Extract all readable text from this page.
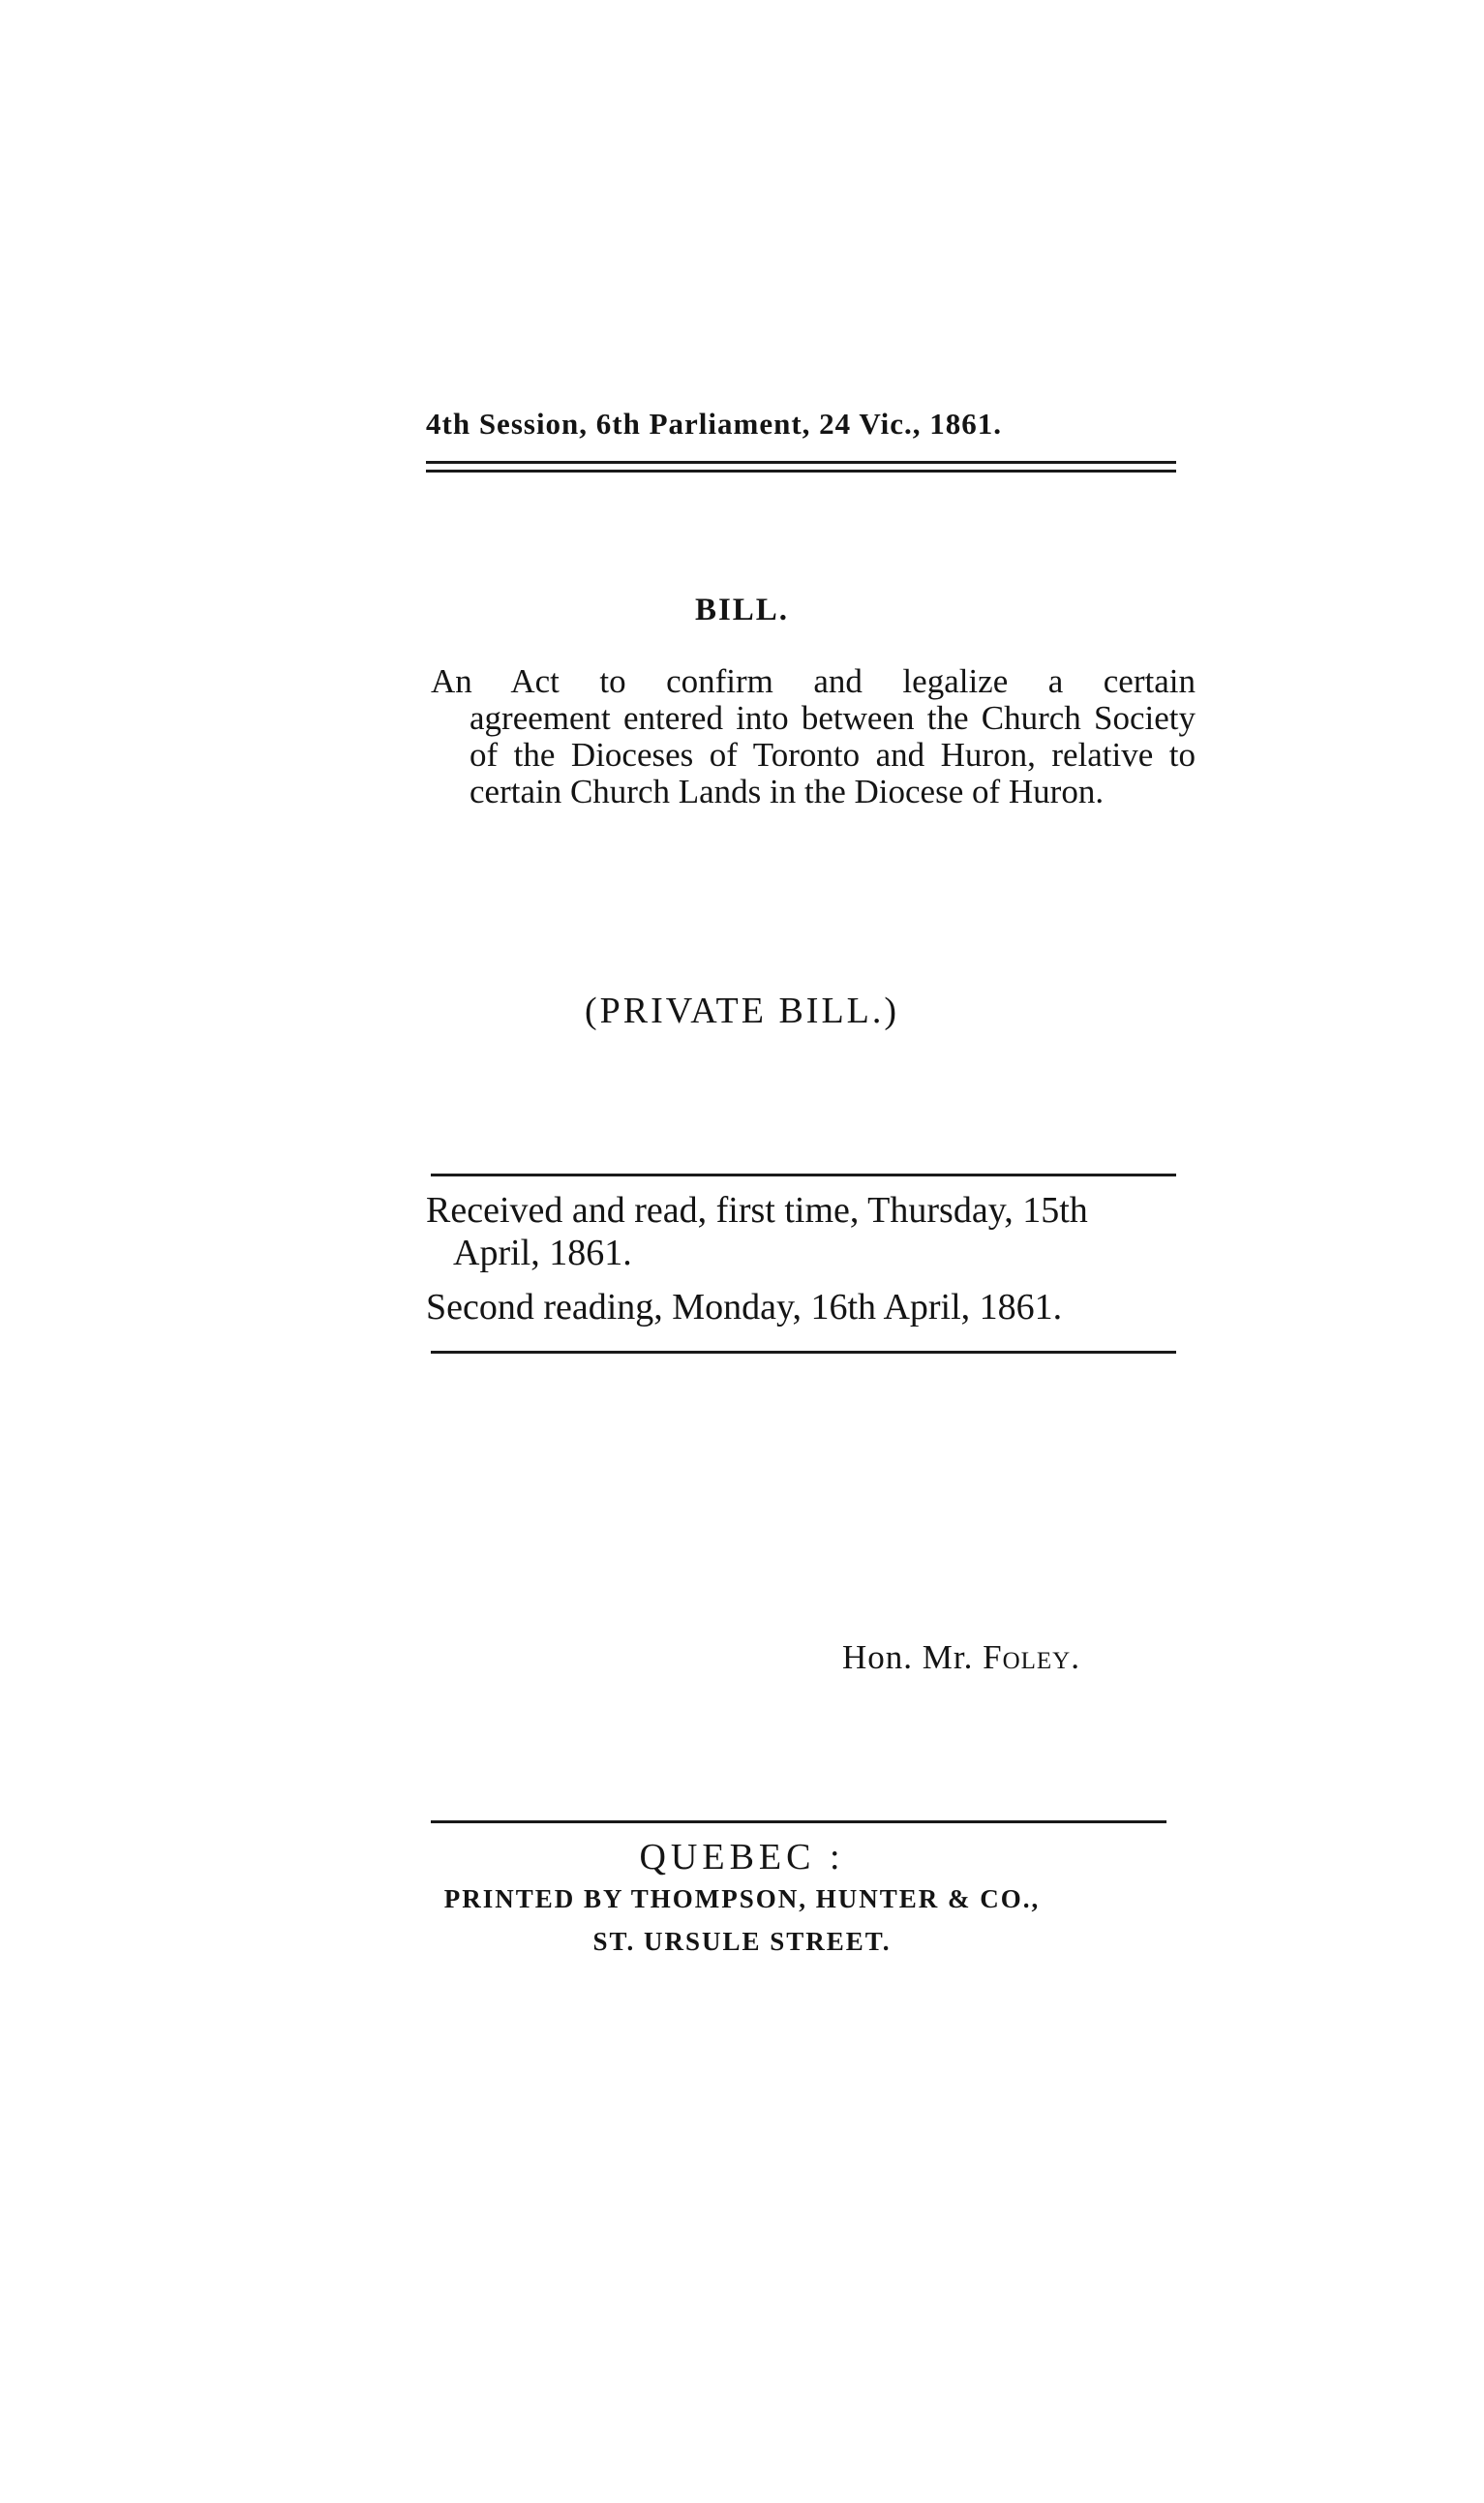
4th Session, 6th Parliament, 24 Vic., 1861.
BILL.
An Act to confirm and legalize a certain
agreement entered into between the Church Society of the Dioceses of Toronto and Huron, relative to certain Church Lands in the Diocese of Huron.
(PRIVATE BILL.)
Received and read, first time, Thursday, 15th
April, 1861.
Second reading, Monday, 16th April, 1861.
Hon. Mr. Foley.
QUEBEC :
PRINTED BY THOMPSON, HUNTER & CO.,
ST. URSULE STREET.
